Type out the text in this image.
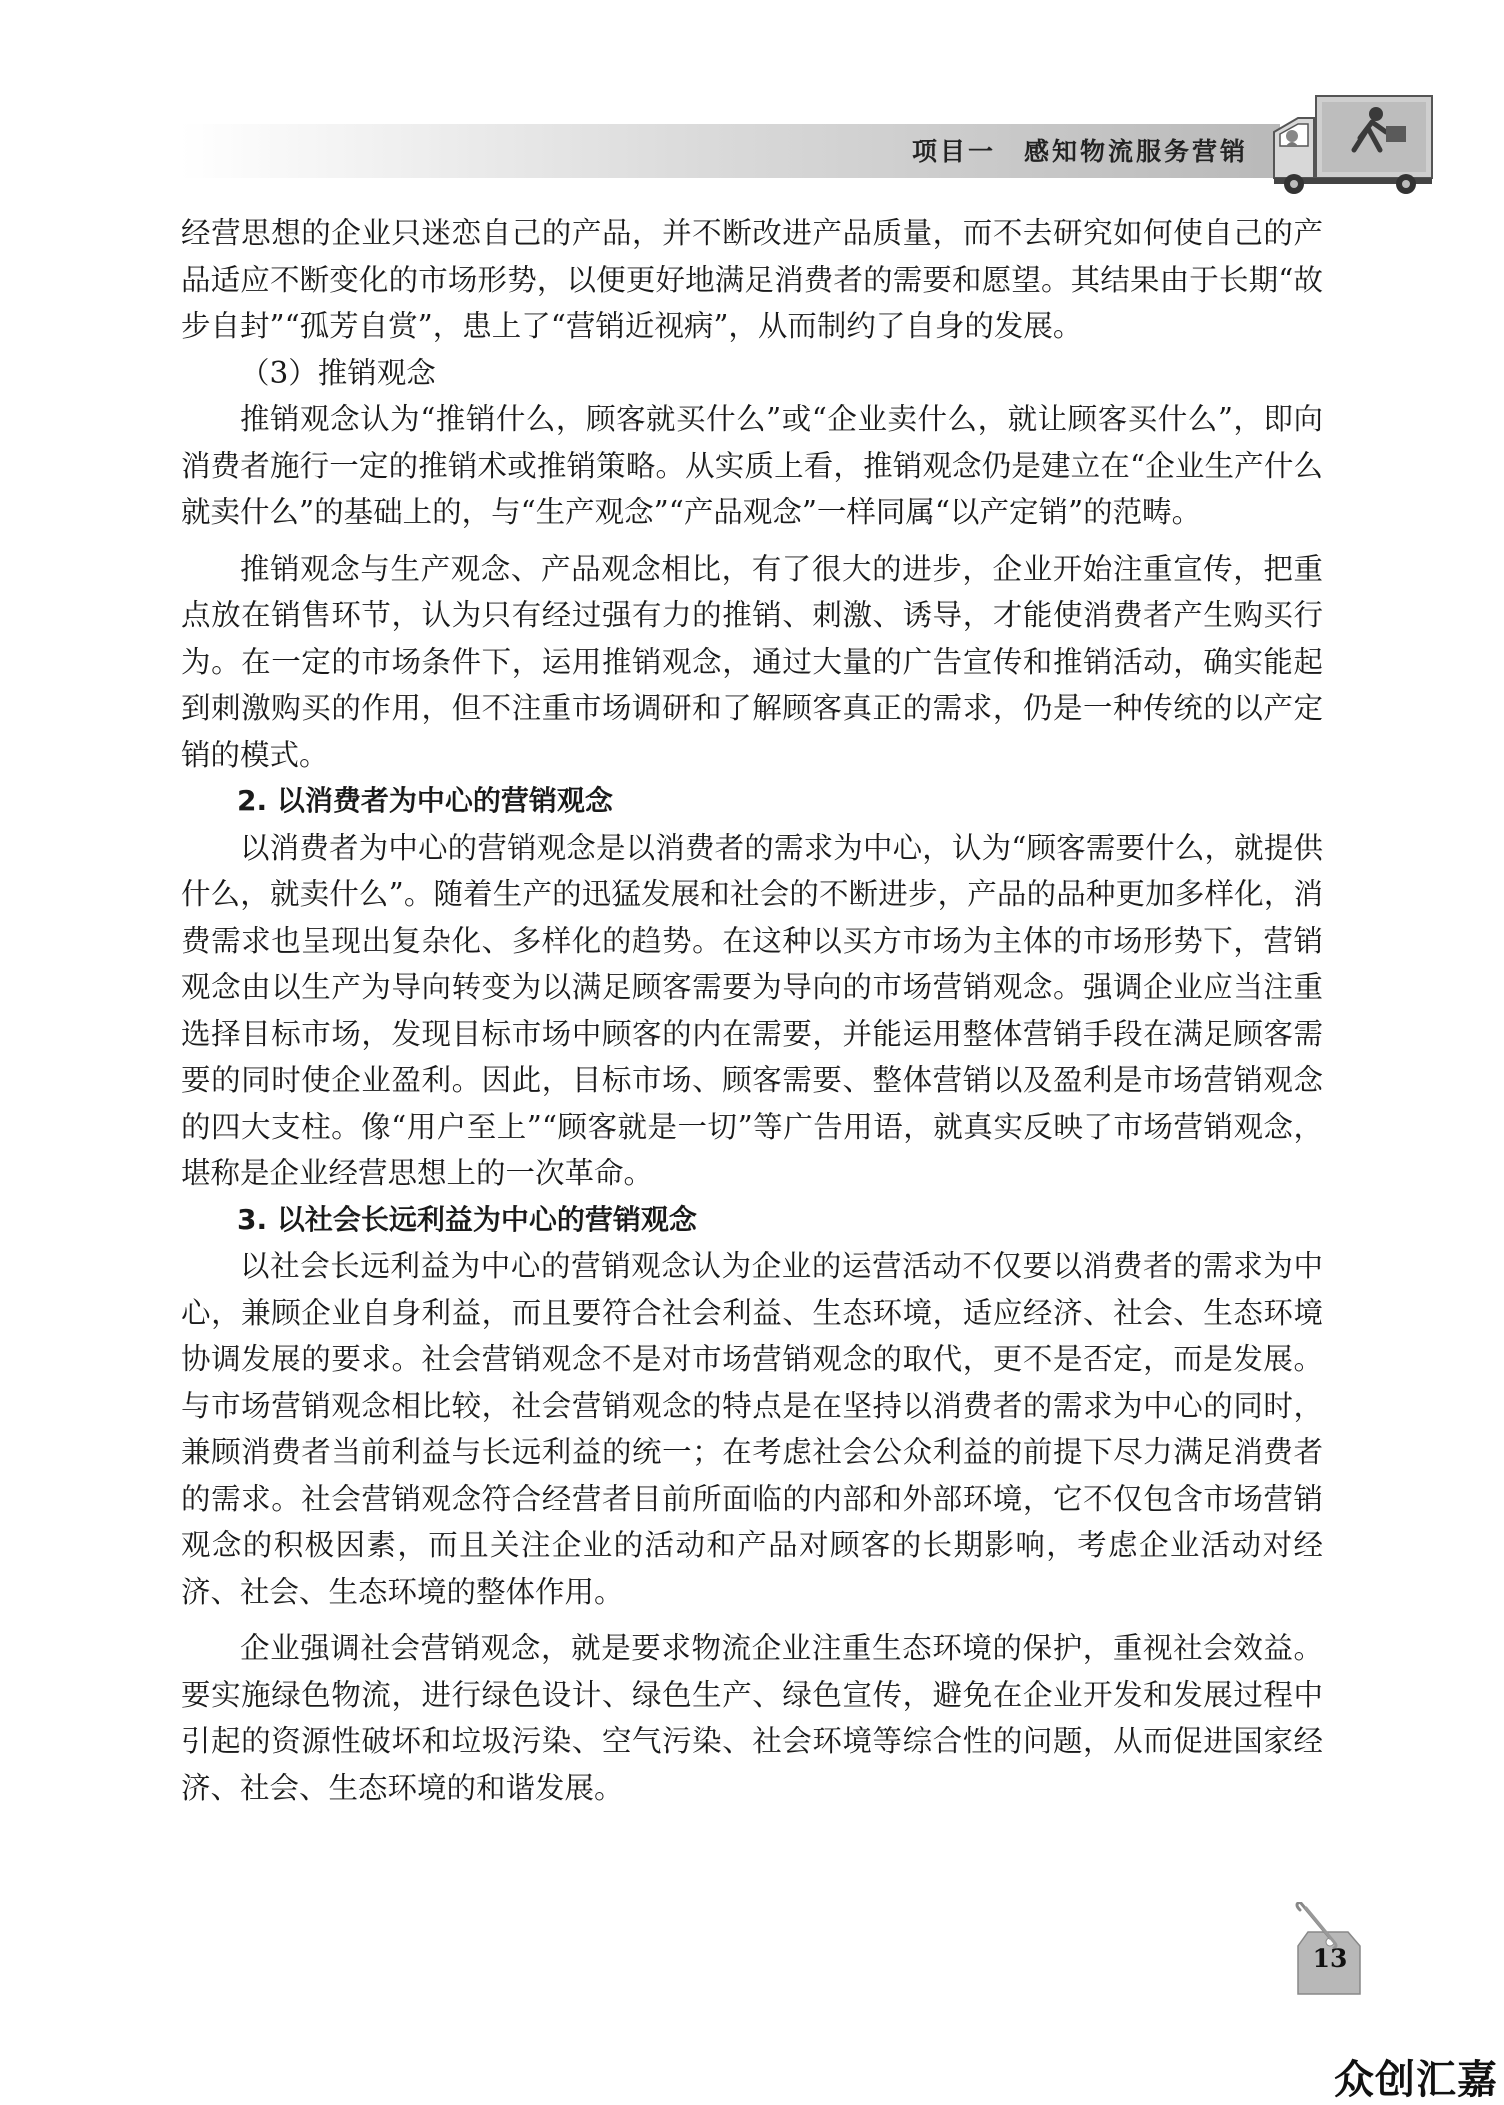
项目一　感知物流服务营销

经营思想的企业只迷恋自己的产品，并不断改进产品质量，而不去研究如何使自己的产品适应不断变化的市场形势，以便更好地满足消费者的需要和愿望。其结果由于长期“故步自封”“孤芳自赏”，患上了“营销近视病”，从而制约了自身的发展。

（3）推销观念

推销观念认为“推销什么，顾客就买什么”或“企业卖什么，就让顾客买什么”，即向消费者施行一定的推销术或推销策略。从实质上看，推销观念仍是建立在“企业生产什么就卖什么”的基础上的，与“生产观念”“产品观念”一样同属“以产定销”的范畴。

推销观念与生产观念、产品观念相比，有了很大的进步，企业开始注重宣传，把重点放在销售环节，认为只有经过强有力的推销、刺激、诱导，才能使消费者产生购买行为。在一定的市场条件下，运用推销观念，通过大量的广告宣传和推销活动，确实能起到刺激购买的作用，但不注重市场调研和了解顾客真正的需求，仍是一种传统的以产定销的模式。

2. 以消费者为中心的营销观念

以消费者为中心的营销观念是以消费者的需求为中心，认为“顾客需要什么，就提供什么，就卖什么”。随着生产的迅猛发展和社会的不断进步，产品的品种更加多样化，消费需求也呈现出复杂化、多样化的趋势。在这种以买方市场为主体的市场形势下，营销观念由以生产为导向转变为以满足顾客需要为导向的市场营销观念。强调企业应当注重选择目标市场，发现目标市场中顾客的内在需要，并能运用整体营销手段在满足顾客需要的同时使企业盈利。因此，目标市场、顾客需要、整体营销以及盈利是市场营销观念的四大支柱。像“用户至上”“顾客就是一切”等广告用语，就真实反映了市场营销观念，堪称是企业经营思想上的一次革命。

3. 以社会长远利益为中心的营销观念

以社会长远利益为中心的营销观念认为企业的运营活动不仅要以消费者的需求为中心，兼顾企业自身利益，而且要符合社会利益、生态环境，适应经济、社会、生态环境协调发展的要求。社会营销观念不是对市场营销观念的取代，更不是否定，而是发展。与市场营销观念相比较，社会营销观念的特点是在坚持以消费者的需求为中心的同时，兼顾消费者当前利益与长远利益的统一；在考虑社会公众利益的前提下尽力满足消费者的需求。社会营销观念符合经营者目前所面临的内部和外部环境，它不仅包含市场营销观念的积极因素，而且关注企业的活动和产品对顾客的长期影响，考虑企业活动对经济、社会、生态环境的整体作用。

企业强调社会营销观念，就是要求物流企业注重生态环境的保护，重视社会效益。要实施绿色物流，进行绿色设计、绿色生产、绿色宣传，避免在企业开发和发展过程中引起的资源性破坏和垃圾污染、空气污染、社会环境等综合性的问题，从而促进国家经济、社会、生态环境的和谐发展。

13
众创汇嘉
